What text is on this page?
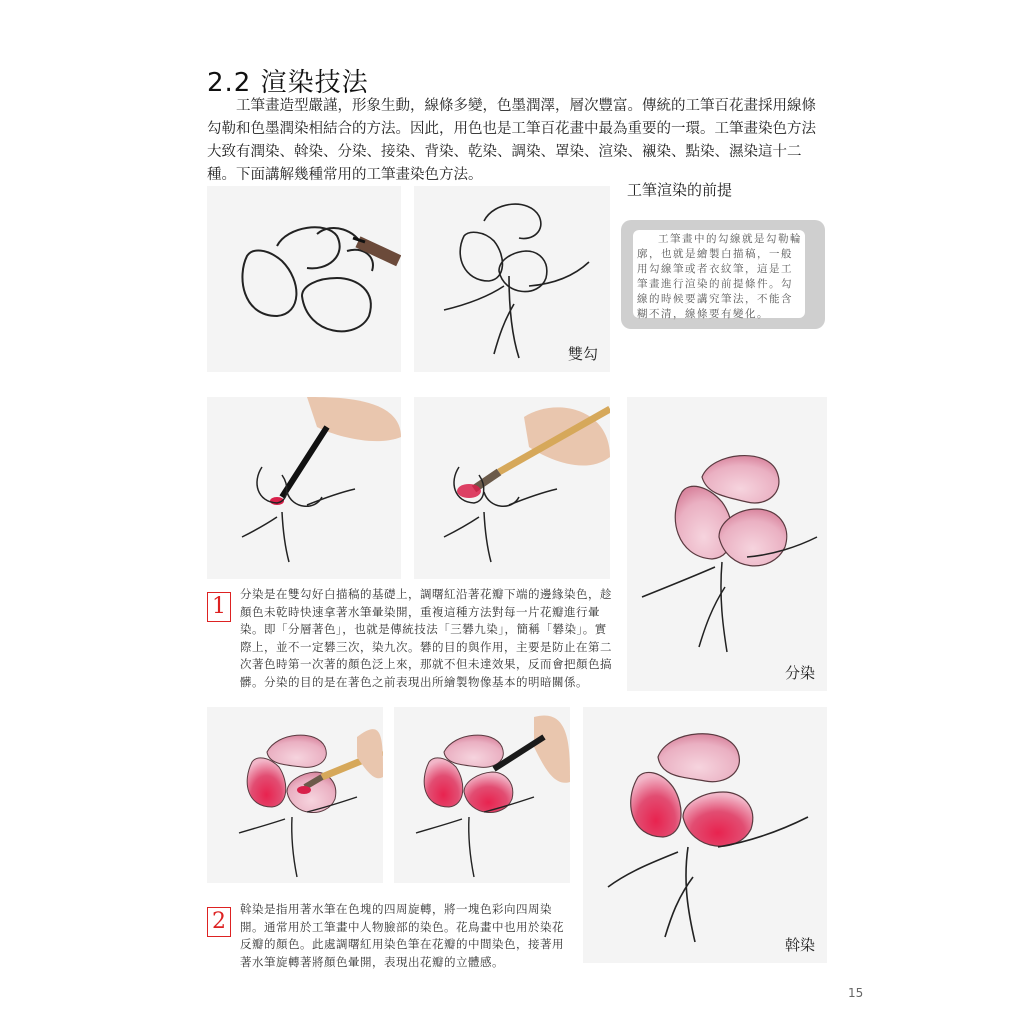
2.2 渲染技法
工筆畫造型嚴謹，形象生動，線條多變，色墨潤澤，層次豐富。傳統的工筆百花畫採用線條勾勒和色墨潤染相結合的方法。因此，用色也是工筆百花畫中最為重要的一環。工筆畫染色方法大致有潤染、斡染、分染、接染、背染、乾染、調染、罩染、渲染、襯染、點染、濕染這十二種。下面講解幾種常用的工筆畫染色方法。
雙勾
工筆渲染的前提
工筆畫中的勾線就是勾勒輪廓，也就是繪製白描稿，一般用勾線筆或者衣紋筆，這是工筆畫進行渲染的前提條件。勾線的時候要講究筆法，不能含糊不清，線條要有變化。
分染
1	分染是在雙勾好白描稿的基礎上，調曙紅沿著花瓣下端的邊緣染色，趁顏色未乾時快速拿著水筆暈染開，重複這種方法對每一片花瓣進行暈染。即「分層著色」，也就是傳統技法「三礬九染」，簡稱「礬染」。實際上，並不一定礬三次，染九次。礬的目的與作用，主要是防止在第二次著色時第一次著的顏色泛上來，那就不但未達效果，反而會把顏色搞髒。分染的目的是在著色之前表現出所繪製物像基本的明暗關係。
斡染
2	斡染是指用著水筆在色塊的四周旋轉，將一塊色彩向四周染開。通常用於工筆畫中人物臉部的染色。花鳥畫中也用於染花反瓣的顏色。此處調曙紅用染色筆在花瓣的中間染色，接著用著水筆旋轉著將顏色暈開，表現出花瓣的立體感。
15
